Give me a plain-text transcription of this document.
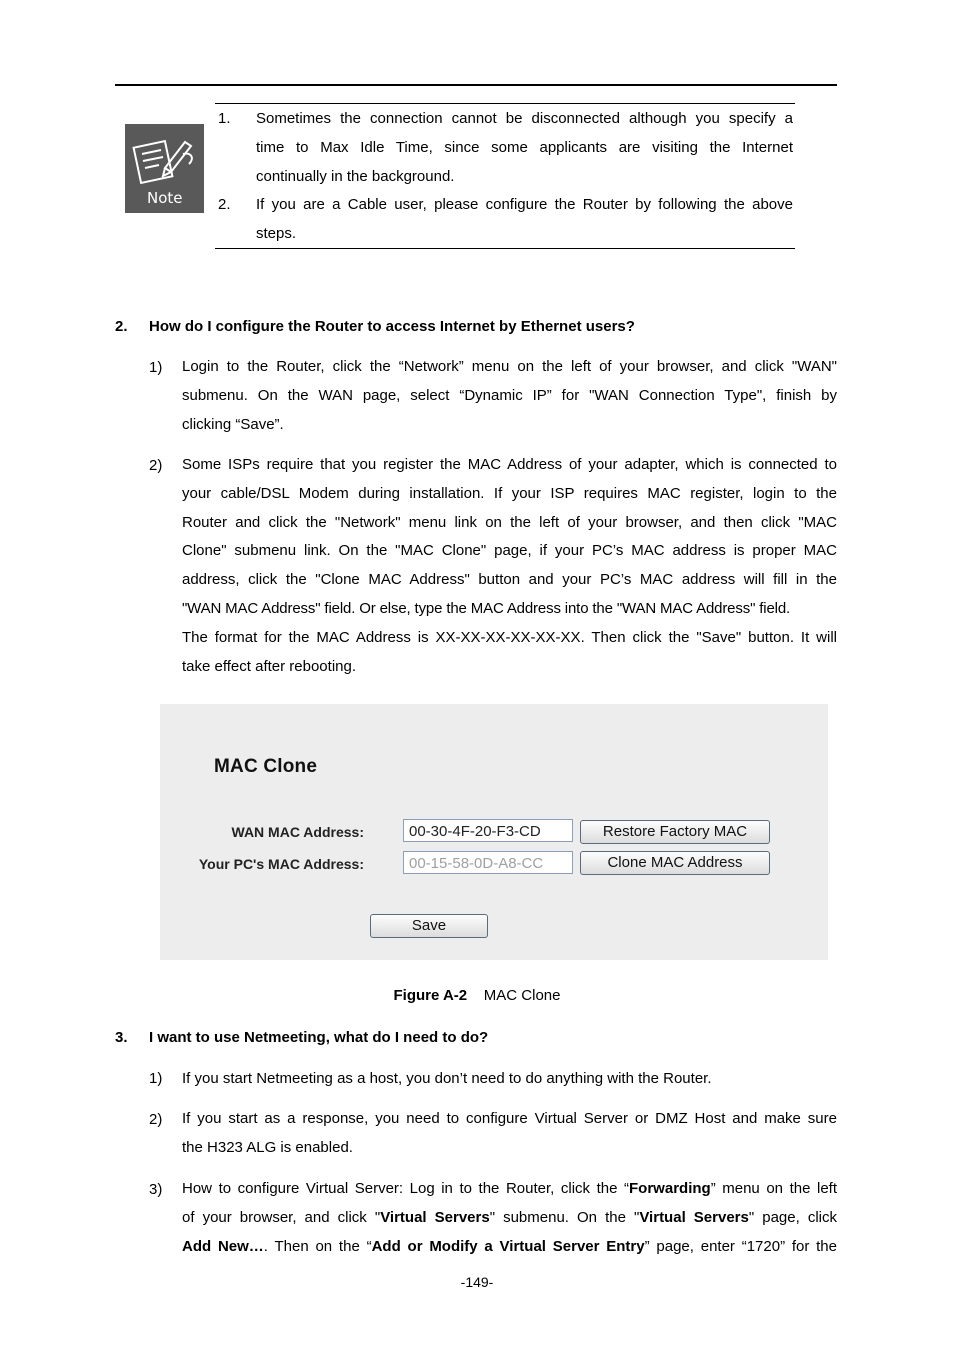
Note
1. Sometimes the connection cannot be disconnected although you specify a
time to Max Idle Time, since some applicants are visiting the Internet
continually in the background.
2. If you are a Cable user, please configure the Router by following the above
steps.
2. How do I configure the Router to access Internet by Ethernet users?
1) Login to the Router, click the “Network” menu on the left of your browser, and click "WAN"
submenu. On the WAN page, select “Dynamic IP” for "WAN Connection Type", finish by
clicking “Save”.
2) Some ISPs require that you register the MAC Address of your adapter, which is connected to
your cable/DSL Modem during installation. If your ISP requires MAC register, login to the
Router and click the "Network" menu link on the left of your browser, and then click "MAC
Clone" submenu link. On the "MAC Clone" page, if your PC’s MAC address is proper MAC
address, click the "Clone MAC Address" button and your PC’s MAC address will fill in the
"WAN MAC Address" field. Or else, type the MAC Address into the "WAN MAC Address" field.
The format for the MAC Address is XX-XX-XX-XX-XX-XX. Then click the "Save" button. It will
take effect after rebooting.
MAC Clone
WAN MAC Address:	00-30-4F-20-F3-CD	Restore Factory MAC
Your PC's MAC Address:	00-15-58-0D-A8-CC	Clone MAC Address
Save
Figure A-2 MAC Clone
3. I want to use Netmeeting, what do I need to do?
1) If you start Netmeeting as a host, you don’t need to do anything with the Router.
2) If you start as a response, you need to configure Virtual Server or DMZ Host and make sure
the H323 ALG is enabled.
3) How to configure Virtual Server: Log in to the Router, click the “Forwarding” menu on the left
of your browser, and click "Virtual Servers" submenu. On the "Virtual Servers" page, click
Add New…. Then on the “Add or Modify a Virtual Server Entry” page, enter “1720” for the
-149-
